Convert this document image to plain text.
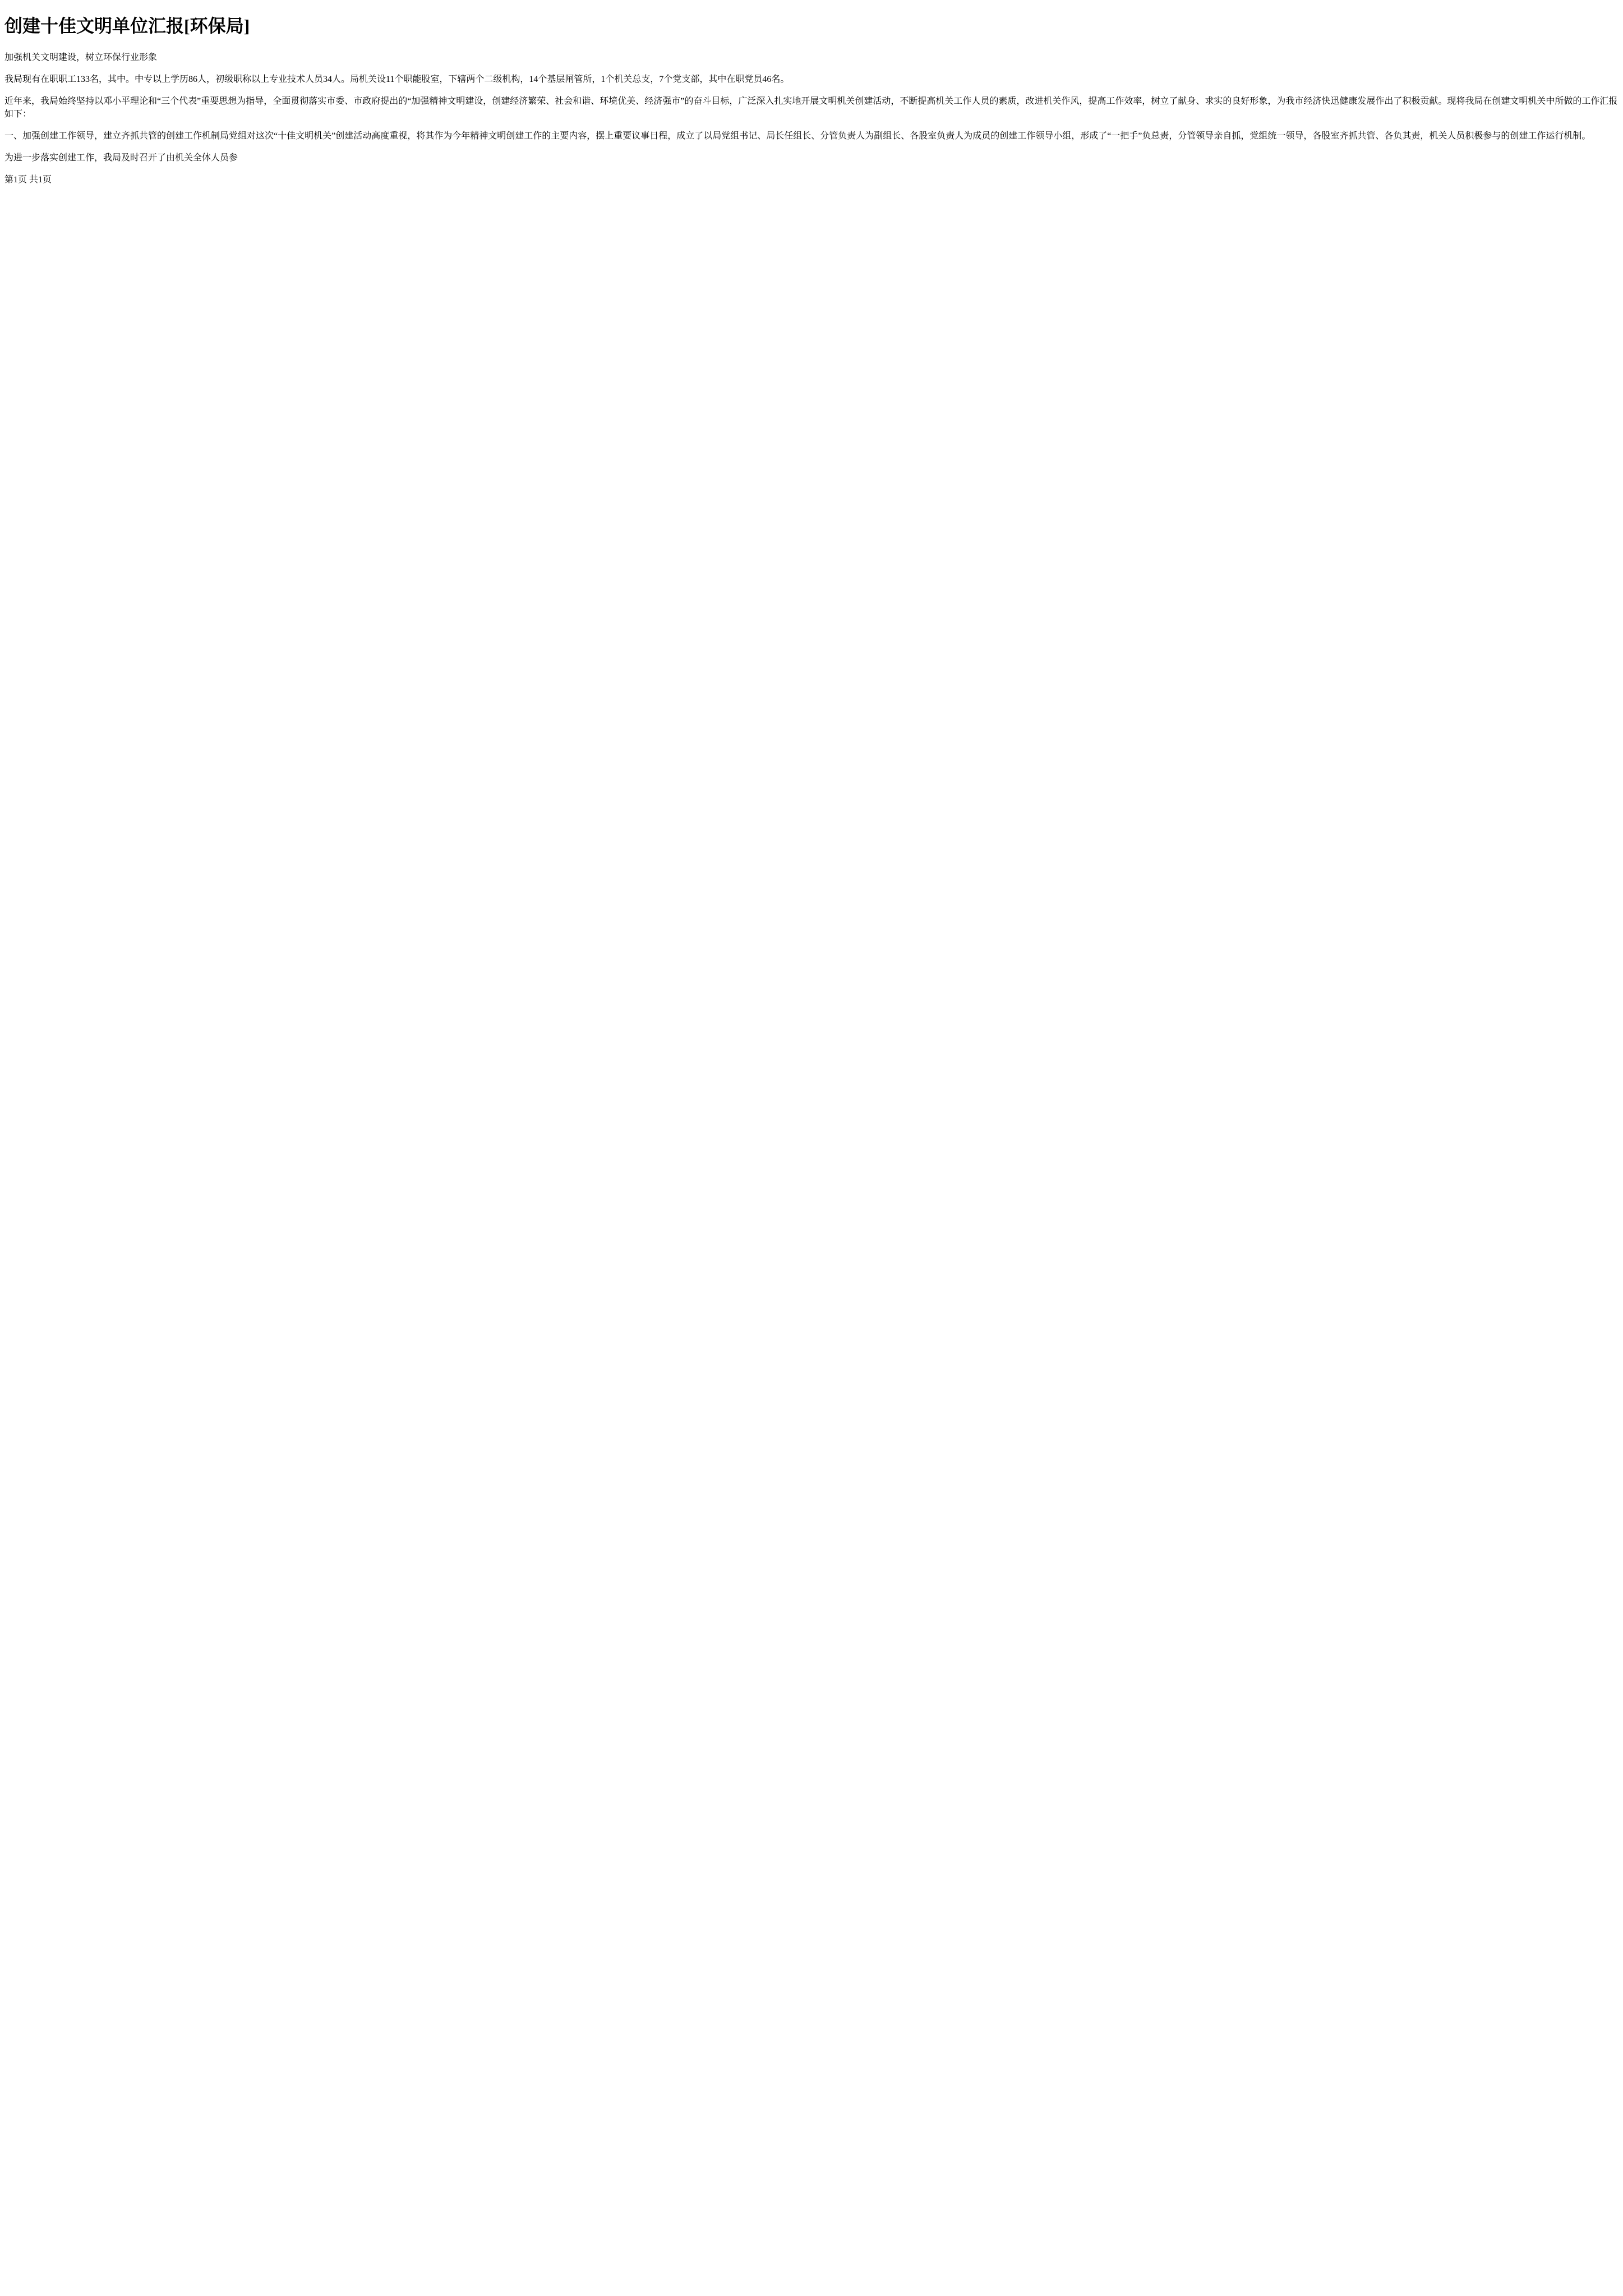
创建十佳文明单位汇报[环保局]

加强机关文明建设，树立环保行业形象

我局现有在职职工133名，其中。中专以上学历86人，初级职称以上专业技术人员34人。局机关设11个职能股室，下辖两个二级机构，14个基层闸管所，1个机关总支，7个党支部，其中在职党员46名。

近年来，我局始终坚持以邓小平理论和“三个代表”重要思想为指导，全面贯彻落实市委、市政府提出的“加强精神文明建设，创建经济繁荣、社会和谐、环境优美、经济强市”的奋斗目标，广泛深入扎实地开展文明机关创建活动，不断提高机关工作人员的素质，改进机关作风，提高工作效率，树立了献身、求实的良好形象，为我市经济快迅健康发展作出了积极贡献。现将我局在创建文明机关中所做的工作汇报如下：

一、加强创建工作领导，建立齐抓共管的创建工作机制局党组对这次“十佳文明机关”创建活动高度重视，将其作为今年精神文明创建工作的主要内容，摆上重要议事日程，成立了以局党组书记、局长任组长、分管负责人为副组长、各股室负责人为成员的创建工作领导小组，形成了“一把手”负总责，分管领导亲自抓，党组统一领导，各股室齐抓共管、各负其责，机关人员积极参与的创建工作运行机制。

为进一步落实创建工作，我局及时召开了由机关全体人员参

第1页 共1页
